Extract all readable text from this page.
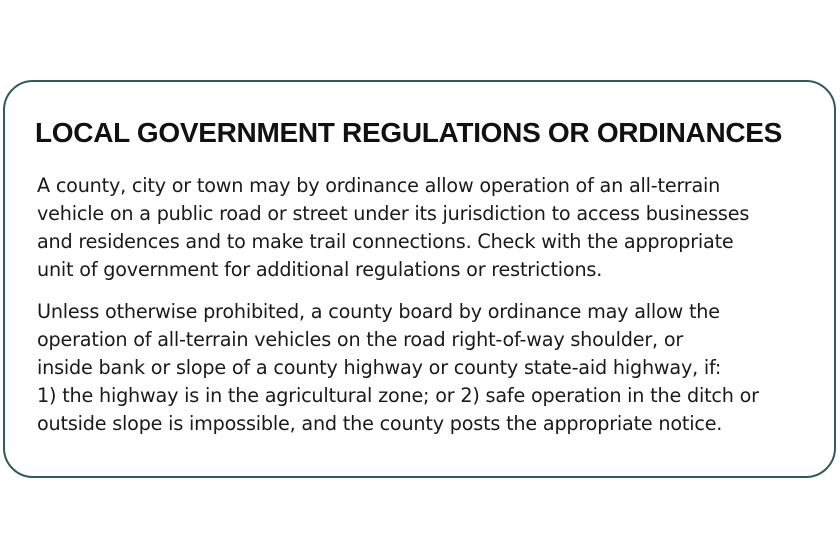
LOCAL GOVERNMENT REGULATIONS OR ORDINANCES

A county, city or town may by ordinance allow operation of an all-terrain
vehicle on a public road or street under its jurisdiction to access businesses
and residences and to make trail connections. Check with the appropriate
unit of government for additional regulations or restrictions.

Unless otherwise prohibited, a county board by ordinance may allow the
operation of all-terrain vehicles on the road right-of-way shoulder, or
inside bank or slope of a county highway or county state-aid highway, if:
1) the highway is in the agricultural zone; or 2) safe operation in the ditch or
outside slope is impossible, and the county posts the appropriate notice.
